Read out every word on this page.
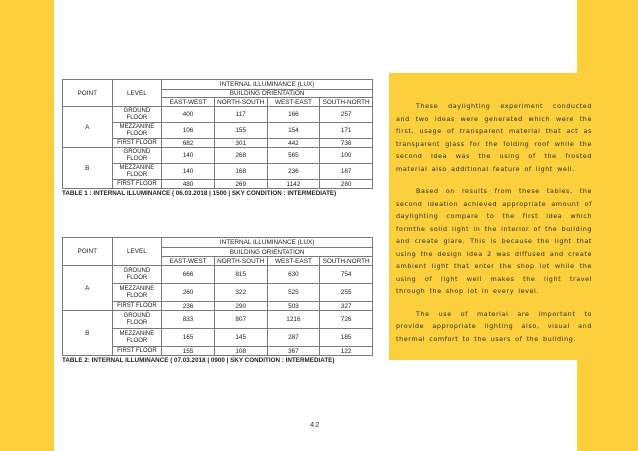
POINT	LEVEL	INTERNAL ILLUMINANCE (LUX)			
		BUILDING ORIENTATION			
		EAST-WEST	NORTH-SOUTH	WEST-EAST	SOUTH-NORTH
A	GROUND FLOOR	400	117	166	257
	MEZZANINE FLOOR	106	155	154	171
	FIRST FLOOR	682	301	442	736
B	GROUND FLOOR	140	268	565	100
	MEZZANINE FLOOR	140	168	236	187
	FIRST FLOOR	480	269	1142	280
TABLE 1 : INTERNAL ILLUMINANCE ( 06.03.2018 | 1500 | SKY CONDITION : INTERMEDIATE)
POINT	LEVEL	INTERNAL ILLUMINANCE (LUX)			
		BUILDING ORIENTATION			
		EAST-WEST	NORTH-SOUTH	WEST-EAST	SOUTH-NORTH
A	GROUND FLOOR	666	815	630	754
	MEZZANINE FLOOR	260	322	525	255
	FIRST FLOOR	236	290	503	327
B	GROUND FLOOR	833	807	1216	726
	MEZZANINE FLOOR	165	145	287	185
	FIRST FLOOR	155	108	367	122
TABLE 2: INTERNAL ILLUMINANCE ( 07.03.2018 | 0900 | SKY CONDITION : INTERMEDIATE)

These daylighting experiment conducted and two ideas were generated which were the first, usage of transparent material that act as transparent glass for the folding roof while the second idea was the using of the frosted material also additional feature of light well.

Based on results from these tables, the second ideation achieved appropriate amount of daylighting compare to the first idea which formthe solid light in the interior of the building and create glare. This is because the light that using the design idea 2 was diffused and create ambient light that enter the shop lot while the using of light well makes the light travel through the shop lot in every level.

The use of material are important to provide appropriate lighting also, visual and thermal comfort to the users of the building.

42
